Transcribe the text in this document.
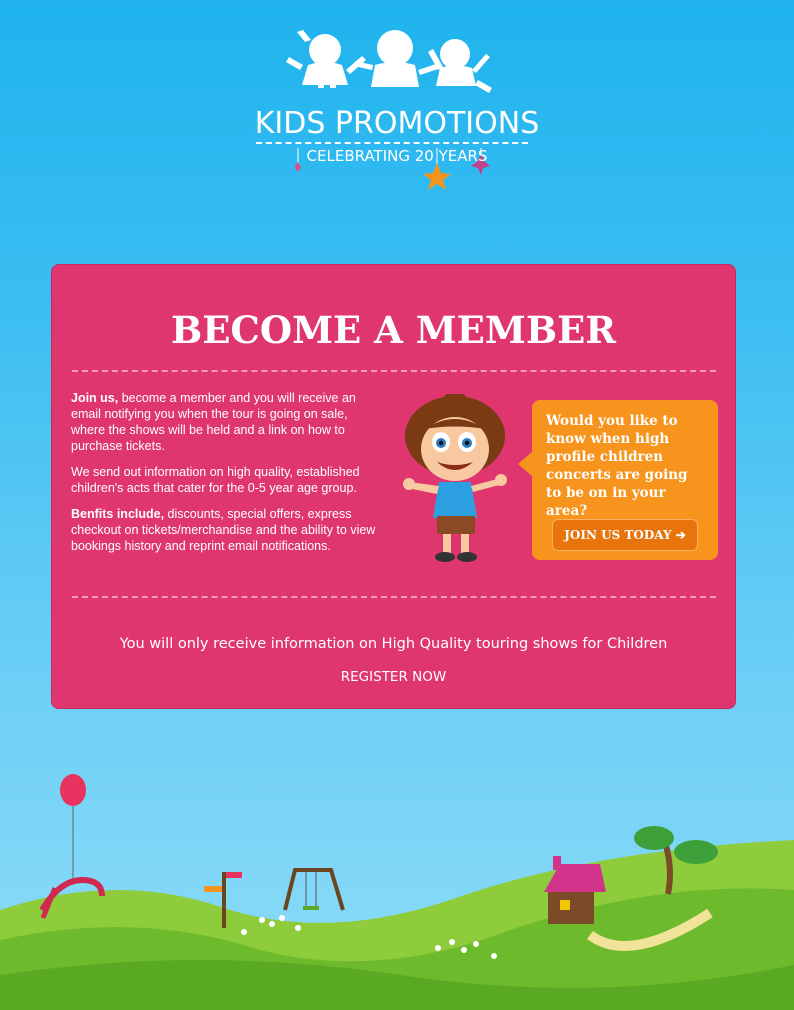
KIDS PROMOTIONS
CELEBRATING 20 YEARS
BECOME A MEMBER

Join us, become a member and you will receive an email notifying you when the tour is going on sale, where the shows will be held and a link on how to purchase tickets.

We send out information on high quality, established children's acts that cater for the 0-5 year age group.

Benfits include, discounts, special offers, express checkout on tickets/merchandise and the ability to view bookings history and reprint email notifications.

Would you like to know when high profile children concerts are going to be on in your area?
JOIN US TODAY ➔
You will only receive information on High Quality touring shows for Children
REGISTER NOW
